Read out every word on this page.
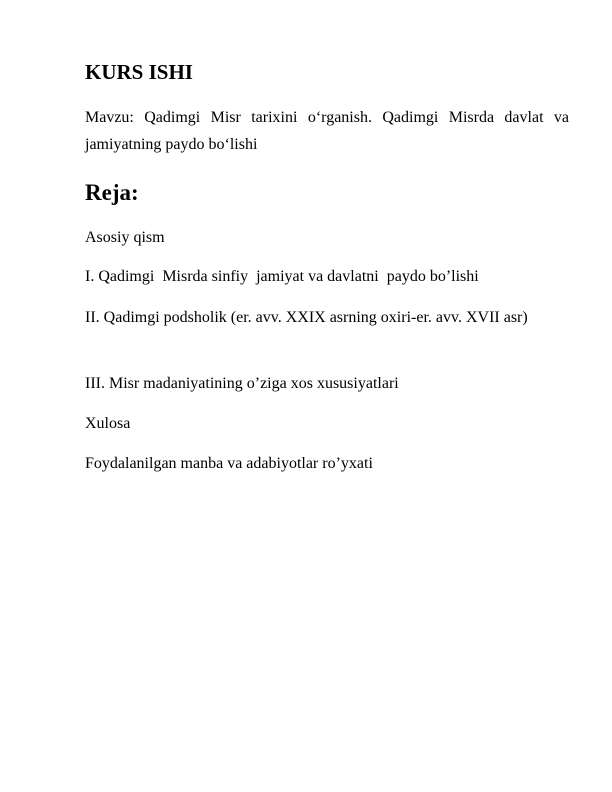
KURS ISHI

Mavzu: Qadimgi Misr tarixini o‘rganish. Qadimgi Misrda davlat va jamiyatning paydo bo‘lishi

Reja:

Asosiy qism

I. Qadimgi  Misrda sinfiy  jamiyat va davlatni  paydo bo’lishi

II. Qadimgi podsholik (er. avv. XXIX asrning oxiri-er. avv. XVII asr)

III. Misr madaniyatining o’ziga xos xususiyatlari

Xulosa

Foydalanilgan manba va adabiyotlar ro’yxati
